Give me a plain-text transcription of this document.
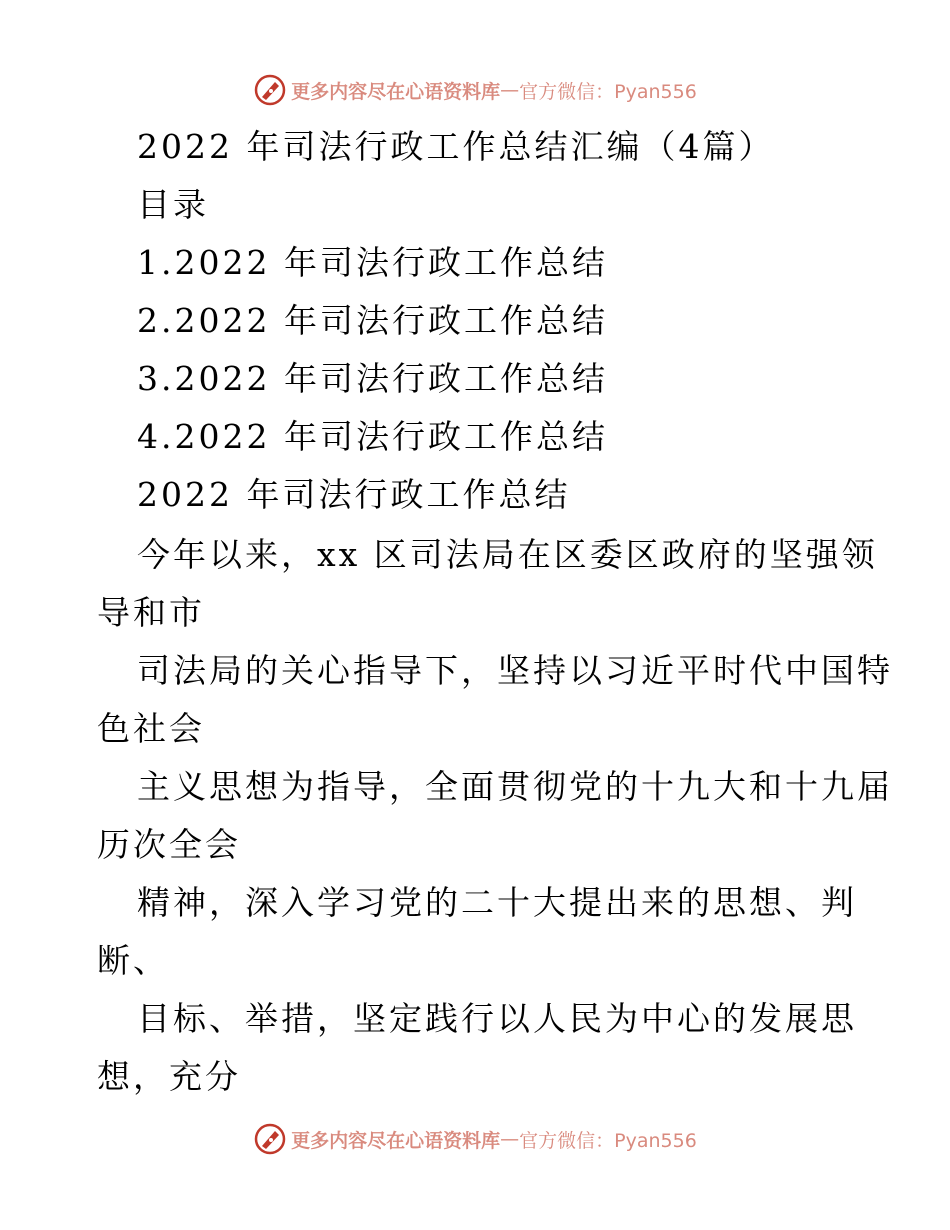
更多内容尽在心语资料库 — 官方微信：Pyan556
2022 年司法行政工作总结汇编（4篇）
目录
1.2022 年司法行政工作总结
2.2022 年司法行政工作总结
3.2022 年司法行政工作总结
4.2022 年司法行政工作总结
2022 年司法行政工作总结
今年以来，xx 区司法局在区委区政府的坚强领
导和市
司法局的关心指导下，坚持以习近平时代中国特
色社会
主义思想为指导，全面贯彻党的十九大和十九届
历次全会
精神，深入学习党的二十大提出来的思想、判
断、
目标、举措，坚定践行以人民为中心的发展思
想，充分
更多内容尽在心语资料库 — 官方微信：Pyan556
